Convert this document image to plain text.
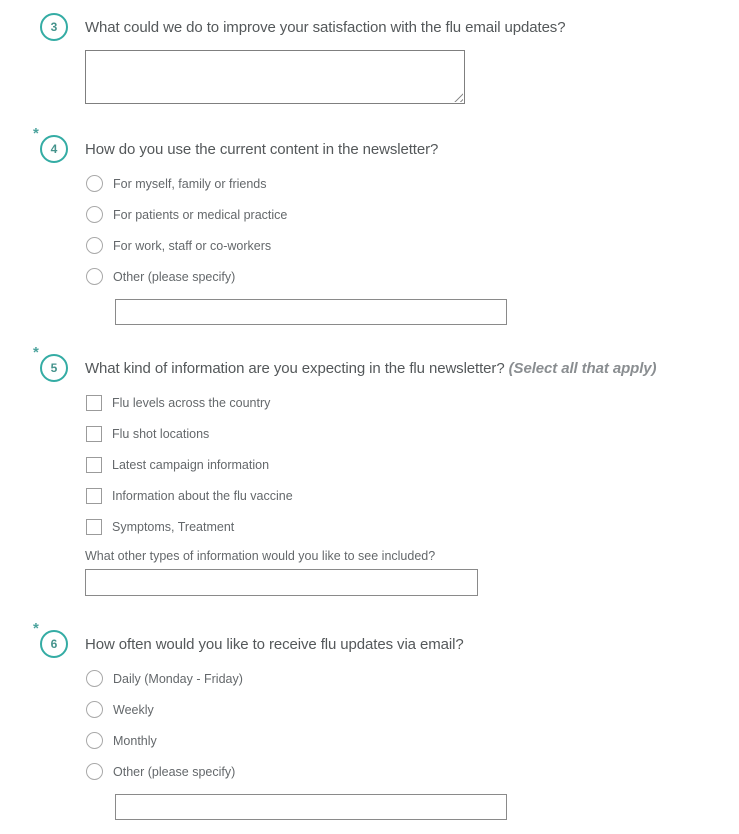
3 What could we do to improve your satisfaction with the flu email updates?
*
4 How do you use the current content in the newsletter?
For myself, family or friends
For patients or medical practice
For work, staff or co-workers
Other (please specify)
*
5 What kind of information are you expecting in the flu newsletter? (Select all that apply)
Flu levels across the country
Flu shot locations
Latest campaign information
Information about the flu vaccine
Symptoms, Treatment
What other types of information would you like to see included?
*
6 How often would you like to receive flu updates via email?
Daily (Monday - Friday)
Weekly
Monthly
Other (please specify)
